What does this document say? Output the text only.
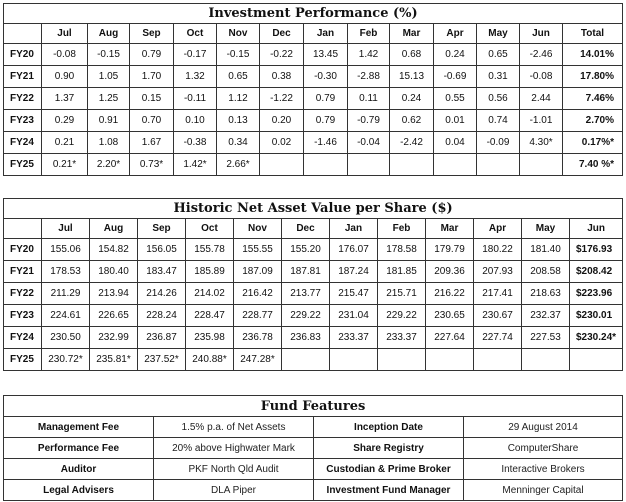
Investment Performance (%)													
	Jul	Aug	Sep	Oct	Nov	Dec	Jan	Feb	Mar	Apr	May	Jun	Total
FY20	-0.08	-0.15	0.79	-0.17	-0.15	-0.22	13.45	1.42	0.68	0.24	0.65	-2.46	14.01%
FY21	0.90	1.05	1.70	1.32	0.65	0.38	-0.30	-2.88	15.13	-0.69	0.31	-0.08	17.80%
FY22	1.37	1.25	0.15	-0.11	1.12	-1.22	0.79	0.11	0.24	0.55	0.56	2.44	7.46%
FY23	0.29	0.91	0.70	0.10	0.13	0.20	0.79	-0.79	0.62	0.01	0.74	-1.01	2.70%
FY24	0.21	1.08	1.67	-0.38	0.34	0.02	-1.46	-0.04	-2.42	0.04	-0.09	4.30*	0.17%*
FY25	0.21*	2.20*	0.73*	1.42*	2.66*								7.40 %*
Historic Net Asset Value per Share ($)												
	Jul	Aug	Sep	Oct	Nov	Dec	Jan	Feb	Mar	Apr	May	Jun
FY20	155.06	154.82	156.05	155.78	155.55	155.20	176.07	178.58	179.79	180.22	181.40	$176.93
FY21	178.53	180.40	183.47	185.89	187.09	187.81	187.24	181.85	209.36	207.93	208.58	$208.42
FY22	211.29	213.94	214.26	214.02	216.42	213.77	215.47	215.71	216.22	217.41	218.63	$223.96
FY23	224.61	226.65	228.24	228.47	228.77	229.22	231.04	229.22	230.65	230.67	232.37	$230.01
FY24	230.50	232.99	236.87	235.98	236.78	236.83	233.37	233.37	227.64	227.74	227.53	$230.24*
FY25	230.72*	235.81*	237.52*	240.88*	247.28*							
Fund Features			
Management Fee	1.5% p.a. of Net Assets	Inception Date	29 August 2014
Performance Fee	20% above Highwater Mark	Share Registry	ComputerShare
Auditor	PKF North Qld Audit	Custodian & Prime Broker	Interactive Brokers
Legal Advisers	DLA Piper	Investment Fund Manager	Menninger Capital
